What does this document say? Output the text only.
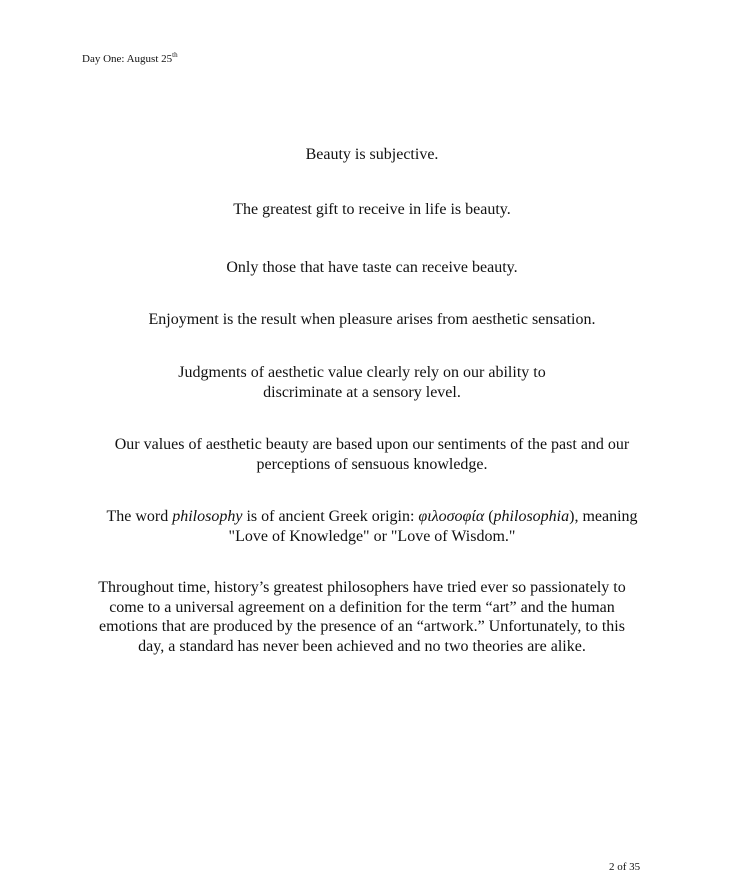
Day One: August 25th
Beauty is subjective.
The greatest gift to receive in life is beauty.
Only those that have taste can receive beauty.
Enjoyment is the result when pleasure arises from aesthetic sensation.
Judgments of aesthetic value clearly rely on our ability to
discriminate at a sensory level.
Our values of aesthetic beauty are based upon our sentiments of the past and our
perceptions of sensuous knowledge.
The word philosophy is of ancient Greek origin: φιλοσοφία (philosophia), meaning
"Love of Knowledge" or "Love of Wisdom."
Throughout time, history’s greatest philosophers have tried ever so passionately to
come to a universal agreement on a definition for the term “art” and the human
emotions that are produced by the presence of an “artwork.” Unfortunately, to this
day, a standard has never been achieved and no two theories are alike.
2 of 35
